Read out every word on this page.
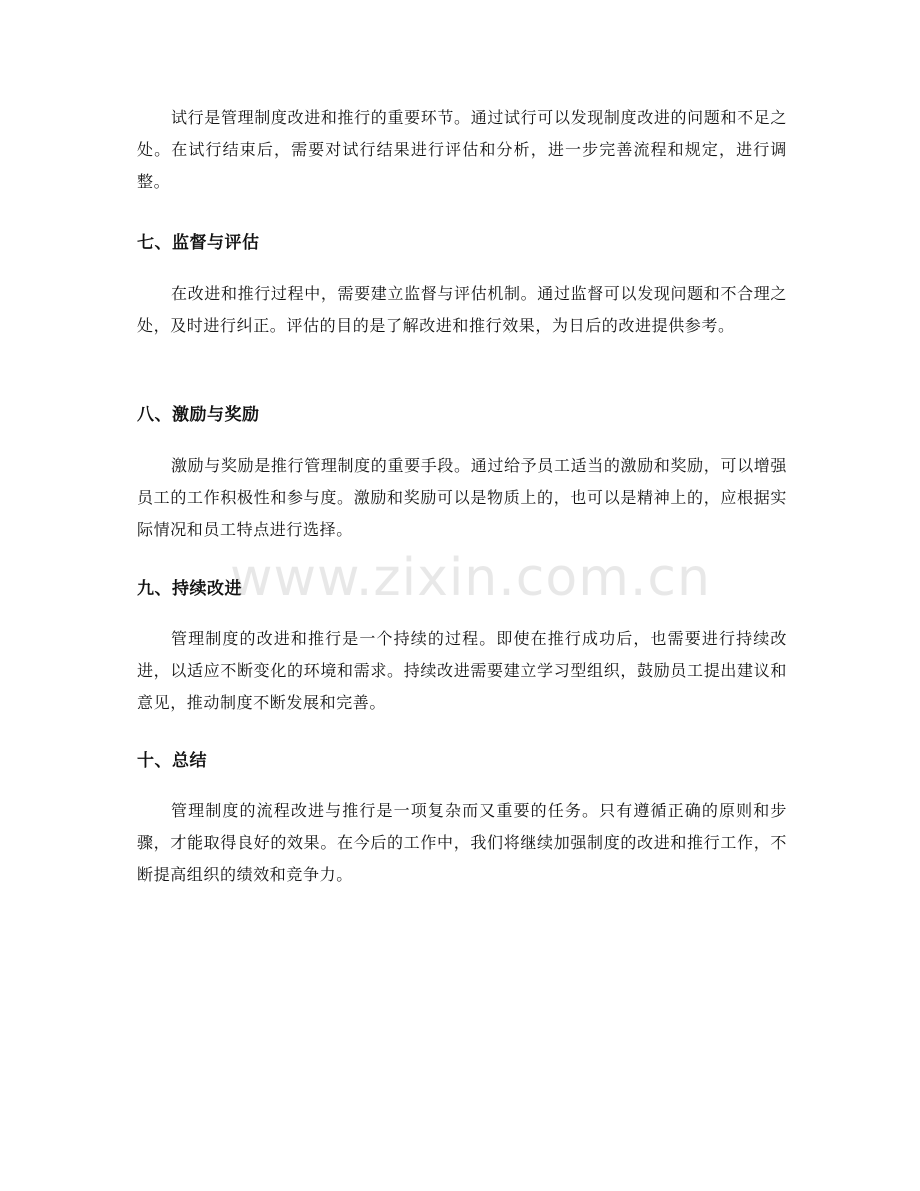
试行是管理制度改进和推行的重要环节。通过试行可以发现制度改进的问题和不足之处。在试行结束后，需要对试行结果进行评估和分析，进一步完善流程和规定，进行调整。

七、监督与评估

在改进和推行过程中，需要建立监督与评估机制。通过监督可以发现问题和不合理之处，及时进行纠正。评估的目的是了解改进和推行效果，为日后的改进提供参考。

八、激励与奖励

激励与奖励是推行管理制度的重要手段。通过给予员工适当的激励和奖励，可以增强员工的工作积极性和参与度。激励和奖励可以是物质上的，也可以是精神上的，应根据实际情况和员工特点进行选择。

www.zixin.com.cn
九、持续改进

管理制度的改进和推行是一个持续的过程。即使在推行成功后，也需要进行持续改进，以适应不断变化的环境和需求。持续改进需要建立学习型组织，鼓励员工提出建议和意见，推动制度不断发展和完善。

十、总结

管理制度的流程改进与推行是一项复杂而又重要的任务。只有遵循正确的原则和步骤，才能取得良好的效果。在今后的工作中，我们将继续加强制度的改进和推行工作，不断提高组织的绩效和竞争力。
